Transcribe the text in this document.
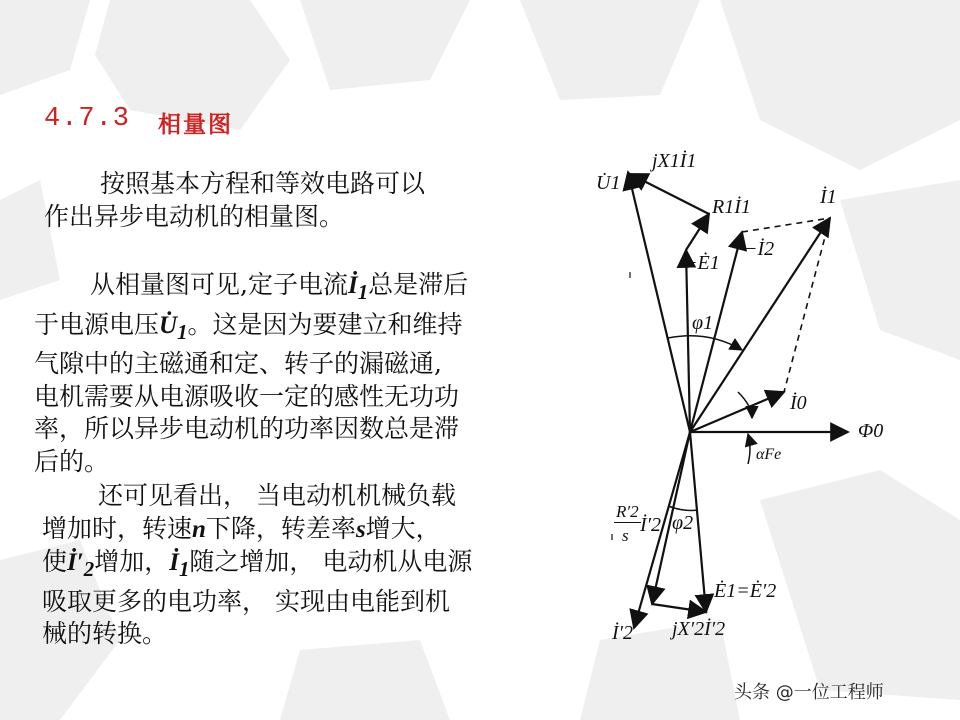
4.7.3 相量图
按照基本方程和等效电路可以
作出异步电动机的相量图。
从相量图可见,定子电流$İ_1$总是滞后
于电源电压$U̇_1$。这是因为要建立和维持
气隙中的主磁通和定、转子的漏磁通,
电机需要从电源吸收一定的感性无功功
率，所以异步电动机的功率因数总是滞
后的。
还可见看出， 当电动机机械负载
增加时，转速n下降，转差率s增大，
使$İ'_2$增加，$İ_1$随之增加， 电动机从电源
吸取更多的电功率， 实现由电能到机
械的转换。
U̇1
jX1İ1
R1İ1	İ1
−Ė1
−İ2
φ1
İ0
Φ̇0
αFe
φ2
R′2
s İ′2
Ė1=Ė′2
İ′2 jX′2İ′2
头条 @一位工程师
